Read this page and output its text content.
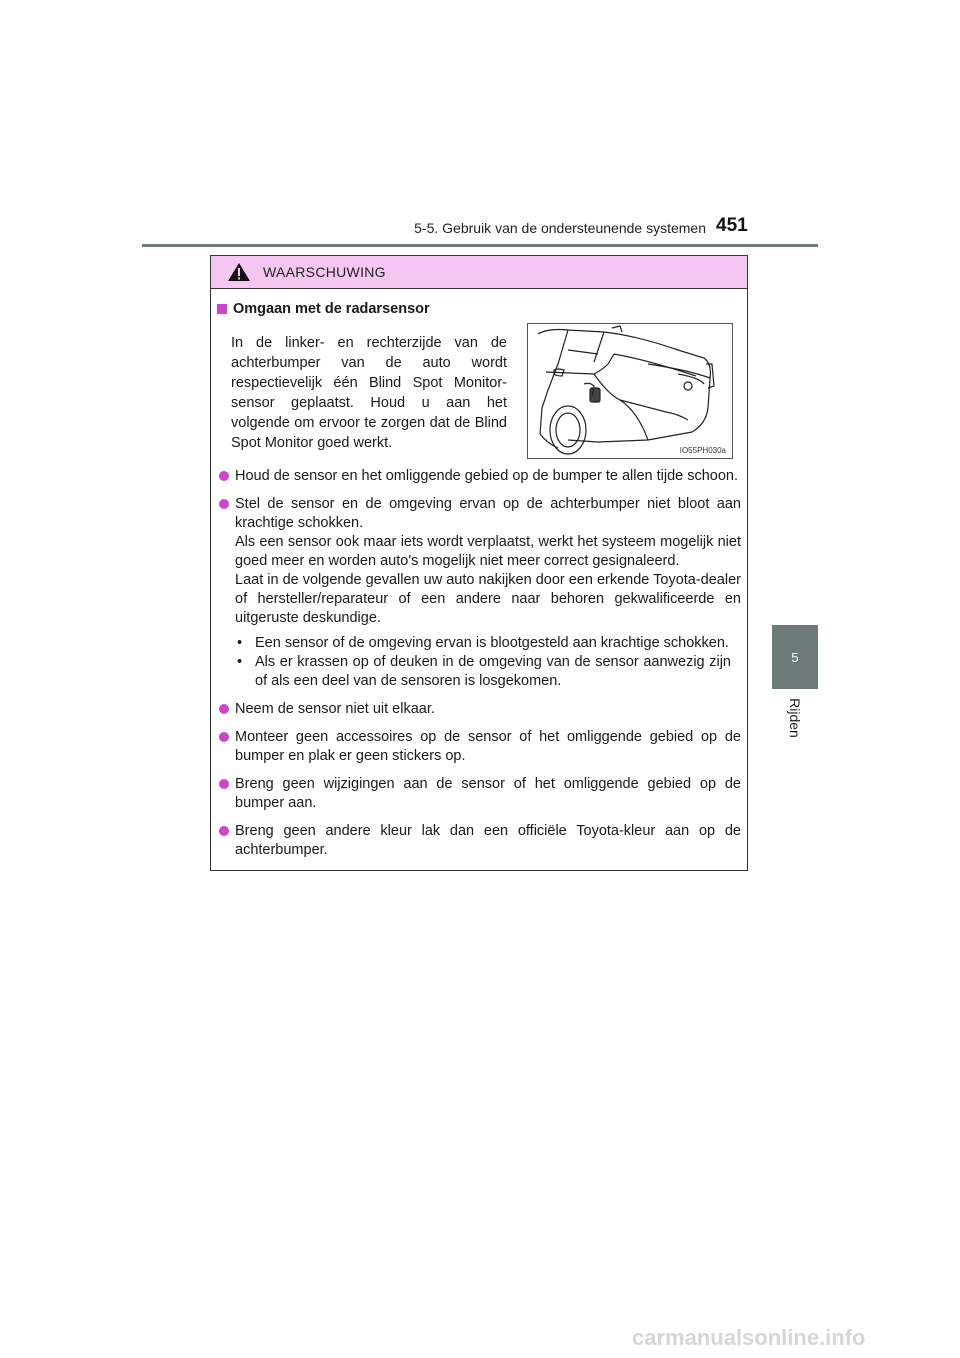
5-5. Gebruik van de ondersteunende systemen 451
5
Rijden
WAARSCHUWING
Omgaan met de radarsensor
In de linker- en rechterzijde van de achterbumper van de auto wordt respectievelijk één Blind Spot Monitor-sensor geplaatst. Houd u aan het volgende om ervoor te zorgen dat de Blind Spot Monitor goed werkt.	IO55PH030a
Houd de sensor en het omliggende gebied op de bumper te allen tijde schoon.
Stel de sensor en de omgeving ervan op de achterbumper niet bloot aan krachtige schokken.
Als een sensor ook maar iets wordt verplaatst, werkt het systeem mogelijk niet goed meer en worden auto's mogelijk niet meer correct gesignaleerd.
Laat in de volgende gevallen uw auto nakijken door een erkende Toyota-dealer of hersteller/reparateur of een andere naar behoren gekwalificeerde en uitgeruste deskundige.
• Een sensor of de omgeving ervan is blootgesteld aan krachtige schokken.
• Als er krassen op of deuken in de omgeving van de sensor aanwezig zijn of als een deel van de sensoren is losgekomen.
Neem de sensor niet uit elkaar.
Monteer geen accessoires op de sensor of het omliggende gebied op de bumper en plak er geen stickers op.
Breng geen wijzigingen aan de sensor of het omliggende gebied op de bumper aan.
Breng geen andere kleur lak dan een officiële Toyota-kleur aan op de achterbumper.
carmanualsonline.info
